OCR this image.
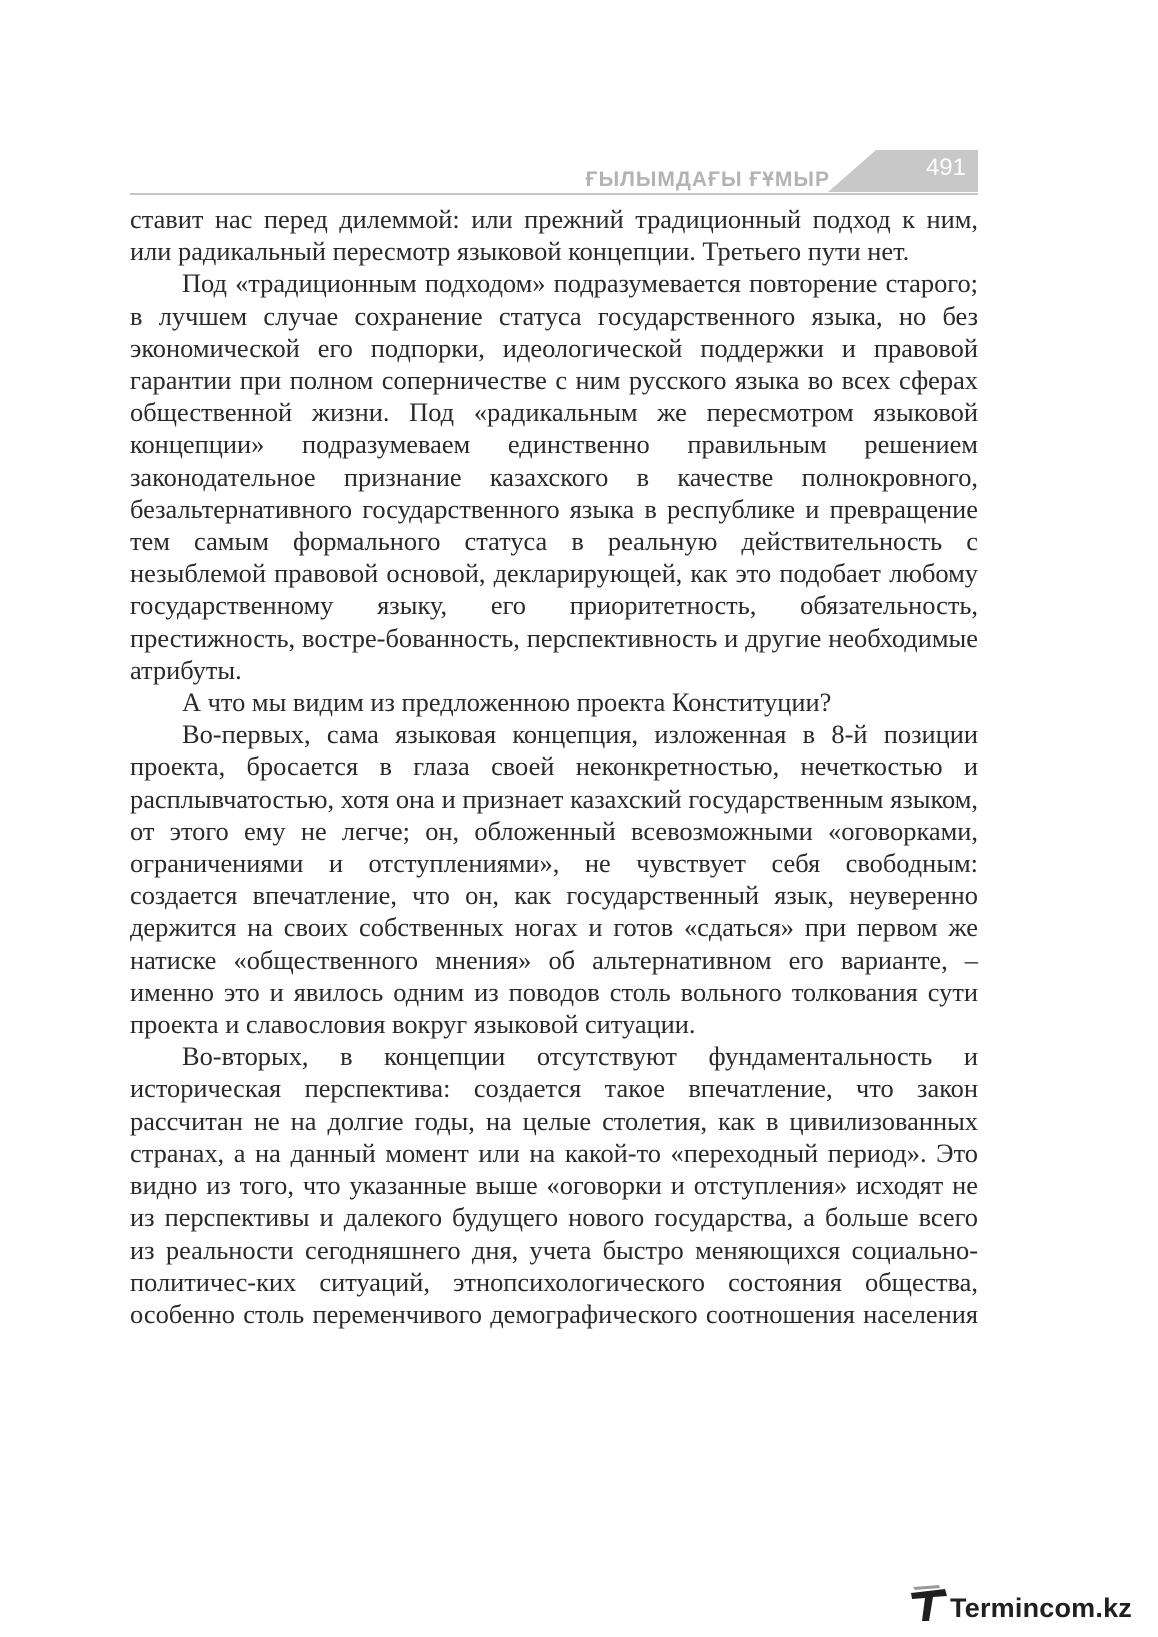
ҒЫЛЫМДАҒЫ ҒҰМЫР	491

ставит нас перед дилеммой: или прежний традиционный подход к ним, или радикальный пересмотр языковой концепции. Третьего пути нет.

Под «традиционным подходом» подразумевается повторение старого; в лучшем случае сохранение статуса государственного языка, но без экономической его подпорки, идеологической поддержки и правовой гарантии при полном соперничестве с ним русского языка во всех сферах общественной жизни. Под «радикальным же пересмотром языковой концепции» подразумеваем единственно правильным решением законодательное признание казахского в качестве полнокровного, безальтернативного государственного языка в республике и превращение тем самым формального статуса в реальную действительность с незыблемой правовой основой, декларирующей, как это подобает любому государственному языку, его приоритетность, обязательность, престижность, востре-бованность, перспективность и другие необходимые атрибуты.

А что мы видим из предложенною проекта Конституции?

Во-первых, сама языковая концепция, изложенная в 8-й позиции проекта, бросается в глаза своей неконкретностью, нечеткостью и расплывчатостью, хотя она и признает казахский государственным языком, от этого ему не легче; он, обложенный всевозможными «оговорками, ограничениями и отступлениями», не чувствует себя свободным: создается впечатление, что он, как государственный язык, неуверенно держится на своих собственных ногах и готов «сдаться» при первом же натиске «общественного мнения» об альтернативном его варианте, – именно это и явилось одним из поводов столь вольного толкования сути проекта и славословия вокруг языковой ситуации.

Во-вторых, в концепции отсутствуют фундаментальность и историческая перспектива: создается такое впечатление, что закон рассчитан не на долгие годы, на целые столетия, как в цивилизованных странах, а на данный момент или на какой-то «переходный период». Это видно из того, что указанные выше «оговорки и отступления» исходят не из перспективы и далекого будущего нового государства, а больше всего из реальности сегодняшнего дня, учета быстро меняющихся социально-политичес-ких ситуаций, этнопсихологического состояния общества, особенно столь переменчивого демографического соотношения населения

Termincom.kz
